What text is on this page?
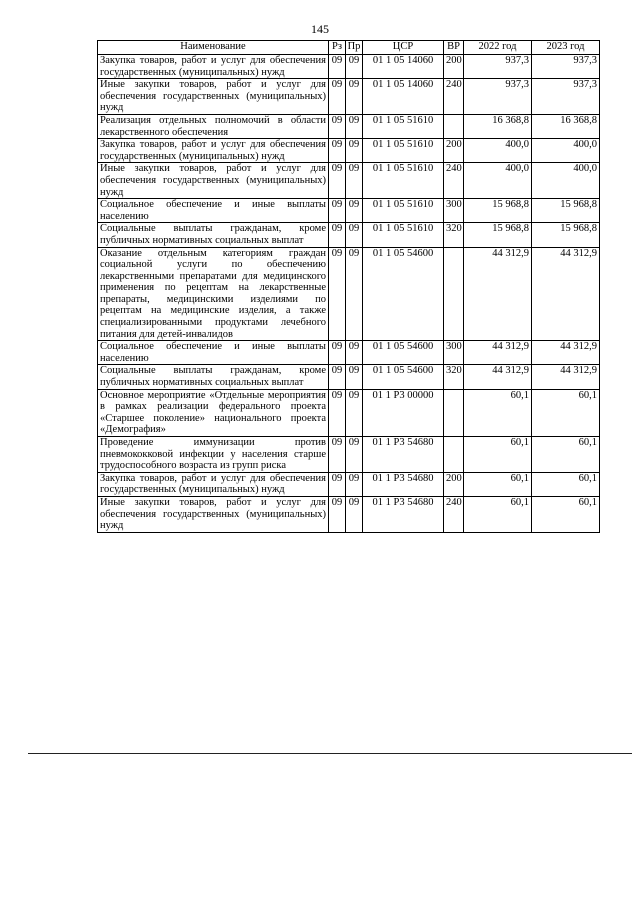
145
Наименование	Рз	Пр	ЦСР	ВР	2022 год	2023 год
Закупка товаров, работ и услуг для обеспечения государственных (муниципальных) нужд	09	09	01 1 05 14060	200	937,3	937,3
Иные закупки товаров, работ и услуг для обеспечения государственных (муниципальных) нужд	09	09	01 1 05 14060	240	937,3	937,3
Реализация отдельных полномочий в области лекарственного обеспечения	09	09	01 1 05 51610		16 368,8	16 368,8
Закупка товаров, работ и услуг для обеспечения государственных (муниципальных) нужд	09	09	01 1 05 51610	200	400,0	400,0
Иные закупки товаров, работ и услуг для обеспечения государственных (муниципальных) нужд	09	09	01 1 05 51610	240	400,0	400,0
Социальное обеспечение и иные выплаты населению	09	09	01 1 05 51610	300	15 968,8	15 968,8
Социальные выплаты гражданам, кроме публичных нормативных социальных выплат	09	09	01 1 05 51610	320	15 968,8	15 968,8
Оказание отдельным категориям граждан социальной услуги по обеспечению лекарственными препаратами для медицинского применения по рецептам на лекарственные препараты, медицинскими изделиями по рецептам на медицинские изделия, а также специализированными продуктами лечебного питания для детей-инвалидов	09	09	01 1 05 54600		44 312,9	44 312,9
Социальное обеспечение и иные выплаты населению	09	09	01 1 05 54600	300	44 312,9	44 312,9
Социальные выплаты гражданам, кроме публичных нормативных социальных выплат	09	09	01 1 05 54600	320	44 312,9	44 312,9
Основное мероприятие «Отдельные мероприятия в рамках реализации федерального проекта «Старшее поколение» национального проекта «Демография»	09	09	01 1 P3 00000		60,1	60,1
Проведение иммунизации против пневмококковой инфекции у населения старше трудоспособного возраста из групп риска	09	09	01 1 P3 54680		60,1	60,1
Закупка товаров, работ и услуг для обеспечения государственных (муниципальных) нужд	09	09	01 1 P3 54680	200	60,1	60,1
Иные закупки товаров, работ и услуг для обеспечения государственных (муниципальных) нужд	09	09	01 1 P3 54680	240	60,1	60,1
